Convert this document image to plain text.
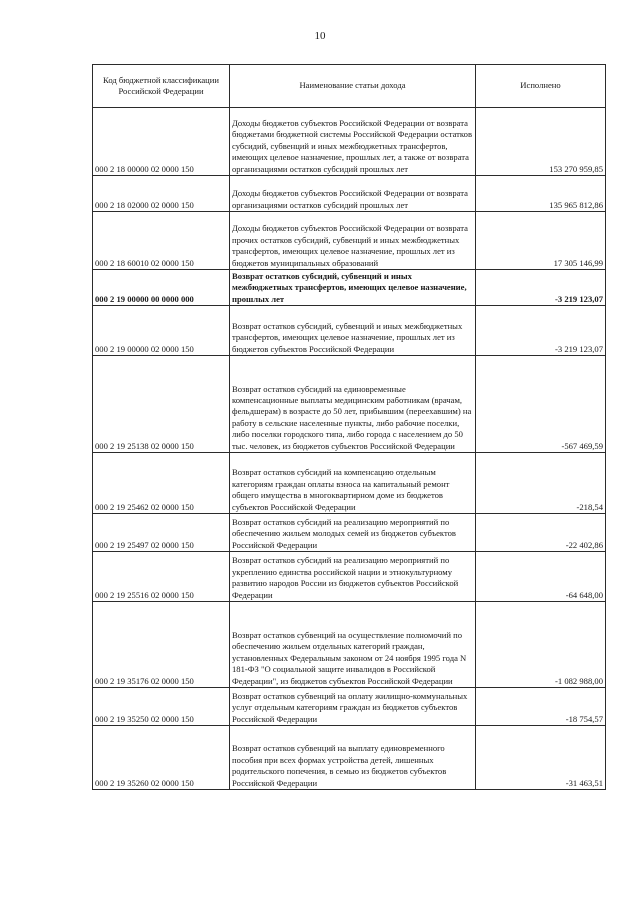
10
Код бюджетной классификации Российской Федерации	Наименование статьи дохода	Исполнено
000 2 18 00000 02 0000 150	Доходы бюджетов субъектов Российской Федерации от возврата бюджетами бюджетной системы Российской Федерации остатков субсидий, субвенций и иных межбюджетных трансфертов, имеющих целевое назначение, прошлых лет, а также от возврата организациями остатков субсидий прошлых лет	153 270 959,85
000 2 18 02000 02 0000 150	Доходы бюджетов субъектов Российской Федерации от возврата организациями остатков субсидий прошлых лет	135 965 812,86
000 2 18 60010 02 0000 150	Доходы бюджетов субъектов Российской Федерации от возврата прочих остатков субсидий, субвенций и иных межбюджетных трансфертов, имеющих целевое назначение, прошлых лет из бюджетов муниципальных образований	17 305 146,99
000 2 19 00000 00 0000 000	Возврат остатков субсидий, субвенций и иных межбюджетных трансфертов, имеющих целевое назначение, прошлых лет	-3 219 123,07
000 2 19 00000 02 0000 150	Возврат остатков субсидий, субвенций и иных межбюджетных трансфертов, имеющих целевое назначение, прошлых лет из бюджетов субъектов Российской Федерации	-3 219 123,07
000 2 19 25138 02 0000 150	Возврат остатков субсидий на единовременные компенсационные выплаты медицинским работникам (врачам, фельдшерам) в возрасте до 50 лет, прибывшим (переехавшим) на работу в сельские населенные пункты, либо рабочие поселки, либо поселки городского типа, либо города с населением до 50 тыс. человек, из бюджетов субъектов Российской Федерации	-567 469,59
000 2 19 25462 02 0000 150	Возврат остатков субсидий на компенсацию отдельным категориям граждан оплаты взноса на капитальный ремонт общего имущества в многоквартирном доме из бюджетов субъектов Российской Федерации	-218,54
000 2 19 25497 02 0000 150	Возврат остатков субсидий на реализацию мероприятий по обеспечению жильем молодых семей из бюджетов субъектов Российской Федерации	-22 402,86
000 2 19 25516 02 0000 150	Возврат остатков субсидий на реализацию мероприятий по укреплению единства российской нации и этнокультурному развитию народов России из бюджетов субъектов Российской Федерации	-64 648,00
000 2 19 35176 02 0000 150	Возврат остатков субвенций на осуществление полномочий по обеспечению жильем отдельных категорий граждан, установленных Федеральным законом от 24 ноября 1995 года N 181-ФЗ "О социальной защите инвалидов в Российской Федерации", из бюджетов субъектов Российской Федерации	-1 082 988,00
000 2 19 35250 02 0000 150	Возврат остатков субвенций на оплату жилищно-коммунальных услуг отдельным категориям граждан из бюджетов субъектов Российской Федерации	-18 754,57
000 2 19 35260 02 0000 150	Возврат остатков субвенций на выплату единовременного пособия при всех формах устройства детей, лишенных родительского попечения, в семью из бюджетов субъектов Российской Федерации	-31 463,51
